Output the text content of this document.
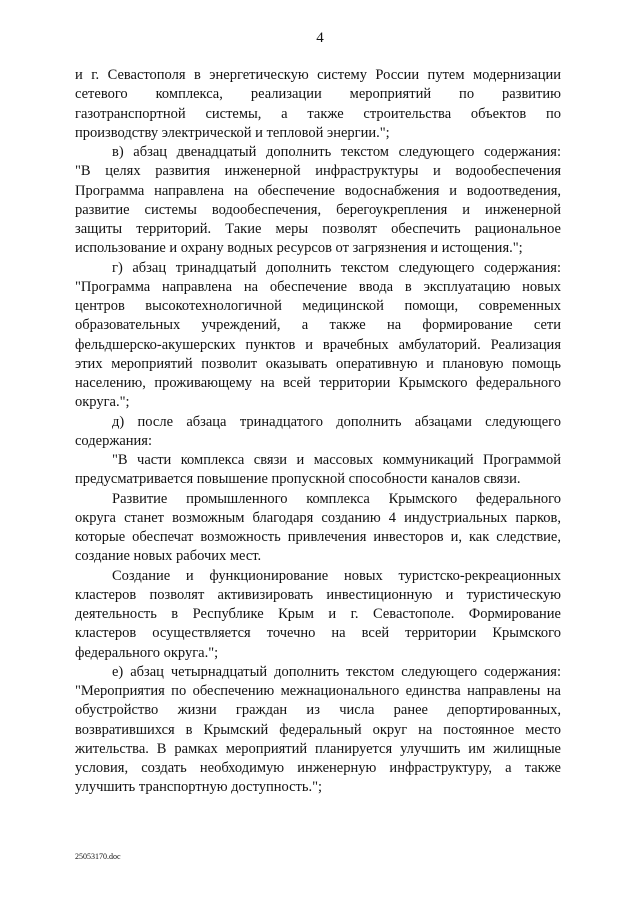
4
и г. Севастополя в энергетическую систему России путем модернизации
сетевого комплекса, реализации мероприятий по развитию
газотранспортной системы, а также строительства объектов по
производству электрической и тепловой энергии.";
в) абзац двенадцатый дополнить текстом следующего содержания:
"В целях развития инженерной инфраструктуры и водообеспечения
Программа направлена на обеспечение водоснабжения и водоотведения,
развитие системы водообеспечения, берегоукрепления и инженерной
защиты территорий. Такие меры позволят обеспечить рациональное
использование и охрану водных ресурсов от загрязнения и истощения.";
г) абзац тринадцатый дополнить текстом следующего содержания:
"Программа направлена на обеспечение ввода в эксплуатацию новых
центров высокотехнологичной медицинской помощи, современных
образовательных учреждений, а также на формирование сети
фельдшерско-акушерских пунктов и врачебных амбулаторий. Реализация
этих мероприятий позволит оказывать оперативную и плановую помощь
населению, проживающему на всей территории Крымского федерального
округа.";
д) после абзаца тринадцатого дополнить абзацами следующего
содержания:
"В части комплекса связи и массовых коммуникаций Программой
предусматривается повышение пропускной способности каналов связи.
Развитие промышленного комплекса Крымского федерального
округа станет возможным благодаря созданию 4 индустриальных парков,
которые обеспечат возможность привлечения инвесторов и, как следствие,
создание новых рабочих мест.
Создание и функционирование новых туристско-рекреационных
кластеров позволят активизировать инвестиционную и туристическую
деятельность в Республике Крым и г. Севастополе. Формирование
кластеров осуществляется точечно на всей территории Крымского
федерального округа.";
е) абзац четырнадцатый дополнить текстом следующего содержания:
"Мероприятия по обеспечению межнационального единства направлены на
обустройство жизни граждан из числа ранее депортированных,
возвратившихся в Крымский федеральный округ на постоянное место
жительства. В рамках мероприятий планируется улучшить им жилищные
условия, создать необходимую инженерную инфраструктуру, а также
улучшить транспортную доступность.";
25053170.doc
